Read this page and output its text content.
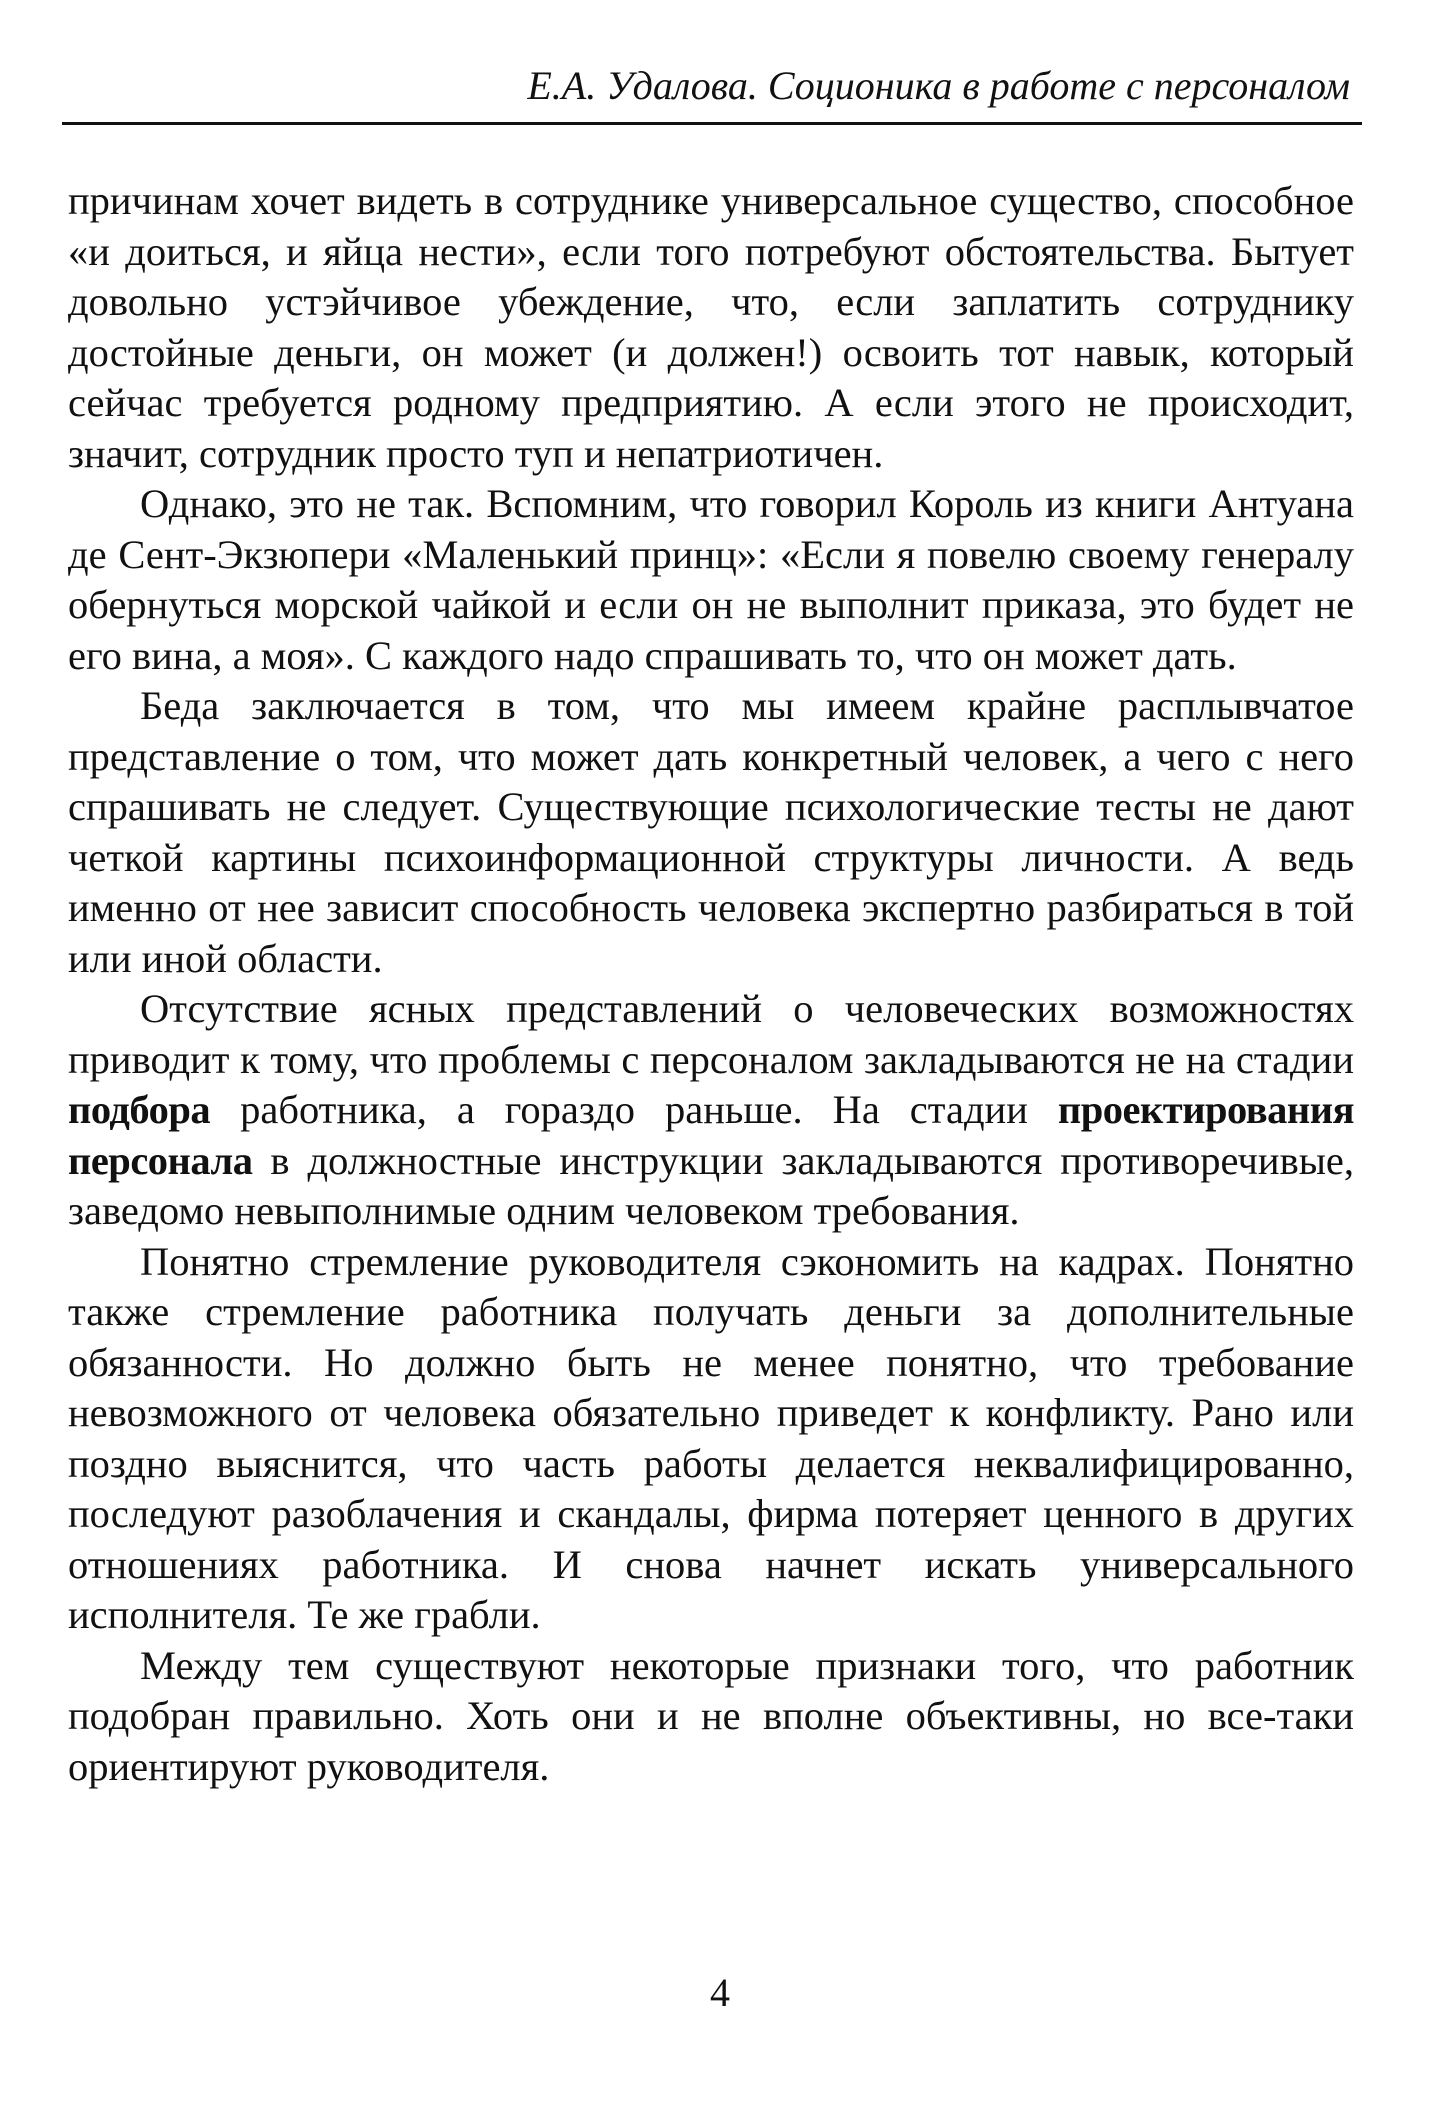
Е.А. Удалова. Соционика в работе с персоналом

причинам хочет видеть в сотруднике универсальное существо, способное «и доиться, и яйца нести», если того потребуют обстоятельства. Бытует довольно устэйчивое убеждение, что, если заплатить сотруднику достойные деньги, он может (и должен!) освоить тот навык, который сейчас требуется родному предприятию. А если этого не происходит, значит, сотрудник просто туп и непатриотичен.

Однако, это не так. Вспомним, что говорил Король из книги Антуана де Сент-Экзюпери «Маленький принц»: «Если я повелю своему генералу обернуться морской чайкой и если он не выполнит приказа, это будет не его вина, а моя». С каждого надо спрашивать то, что он может дать.

Беда заключается в том, что мы имеем крайне расплывчатое представление о том, что может дать конкретный человек, а чего с него спрашивать не следует. Существующие психологические тесты не дают четкой картины психоинформационной структуры личности. А ведь именно от нее зависит способность человека экспертно разбираться в той или иной области.

Отсутствие ясных представлений о человеческих возможностях приводит к тому, что проблемы с персоналом закладываются не на стадии подбора работника, а гораздо раньше. На стадии проектирования персонала в должностные инструкции закладываются противоречивые, заведомо невыполнимые одним человеком требования.

Понятно стремление руководителя сэкономить на кадрах. Понятно также стремление работника получать деньги за дополнительные обязанности. Но должно быть не менее понятно, что требование невозможного от человека обязательно приведет к конфликту. Рано или поздно выяснится, что часть работы делается неквалифицированно, последуют разоблачения и скандалы, фирма потеряет ценного в других отношениях работника. И снова начнет искать универсального исполнителя. Те же грабли.

Между тем существуют некоторые признаки того, что работник подобран правильно. Хоть они и не вполне объективны, но все-таки ориентируют руководителя.

4
